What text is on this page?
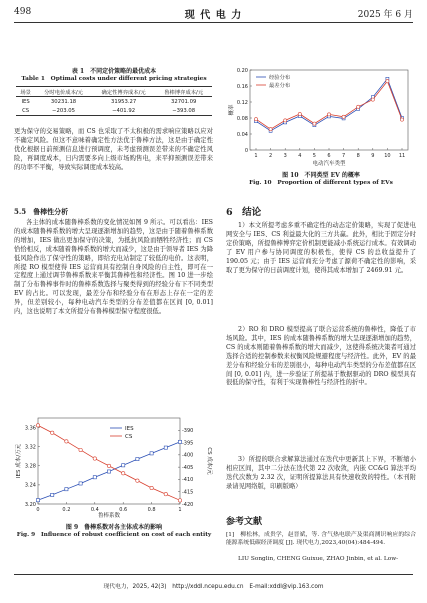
498	现 代 电 力	2025 年 6 月
表 1　不同定价策略的最优成本
Table 1　Optimal costs under different pricing strategies
场景	分时电价成本/元	确定性博弈成本/元	鲁棒博弈成本/元
IES	30231.18	31953.27	32701.09
CS	−203.05	−401.92	−393.08

更为保守的交易策略，而 CS 也采取了不太积极的需求响应策略以应对不确定风险。但这不意味着确定性方法优于鲁棒方法，这是由于确定性优化根据日前预测信息进行预调度，未考虑预测误差带来的不确定性风险，再调度成本，日内需要多向上级市场购售电，来平抑预测误差带来的功率不平衡，导致实际调度成本较高。

5.5　鲁棒性分析

各主体的成本随鲁棒系数的变化情况如图 9 所示。可以看出：IES 的成本随鲁棒系数的增大呈现逐渐增加的趋势，这是由于随着鲁棒系数的增加，IES 做出更加保守的决策，为抵抗风险而牺牲经济性；而 CS 恰恰相反，成本随着鲁棒系数的增大而减少，这是由于领导者 IES 为降低风险作出了保守性的策略，即给充电站制定了较低的电价。这表明，所提 RO 模型使得 IES 运营商具有控制自身风险的自主性，即可在一定程度上通过调节鲁棒系数来平衡其鲁棒性和经济性。图 10 进一步绘制了分布鲁棒事件时的鲁棒系数选择与聚类得到的经验分布下不同类型 EV 的占比。可以发现，最差分布和经验分布在形态上存在一定的差异，但差别较小，每种电动汽车类型的分布差值都在区间 [0, 0.01] 内，这也说明了本文所提分布鲁棒模型保守程度很低。

3.20
3.24
3.28
3.32
3.36	-390
-395
-400
-405
-410
-415
-420
0	0.2	0.4	0.6	0.8	1
IES
CS
鲁棒系数
IES 成本/万元	CS 成本/元
图 9　鲁棒系数对各主体成本的影响
Fig. 9　Influence of robust coefficient on cost of each entity
0
0.04
0.08
0.12
0.16
0.20
1 2 3 4 5 6 7 8 9 10 11
经验分布
最差分布
电动汽车类型
概率
图 10　不同类型 EV 的概率
Fig. 10　Proportion of different types of EVs
6　结论

1）本文所提考虑多重不确定性的动态定价策略，实现了促进电网安全与 IES、CS 利益最大化的三方共赢。此外，相比于固定分时定价策略，所提鲁棒博弈定价机制更能减小系统运行成本。有效调动了 EV 用户参与协同调度的积极性，使得 CS 的总收益提升了 190.05 元；由于 IES 运营商充分考虑了源荷不确定性的影响，采取了更为保守的日前调度计划，使得其成本增加了 2469.91 元。

2）RO 和 DRO 模型提高了联合运营系统的鲁棒性，降低了市场风险。其中，IES 的成本随鲁棒系数的增大呈现逐渐增加的趋势，CS 的成本则随着鲁棒系数的增大而减少，这使得系统决策者可通过选择合适的控制参数来权衡风险规避程度与经济性。此外，EV 的最差分布和经验分布的差别很小，每种电动汽车类型的分布差值都在区间 [0, 0.01] 内，进一步验证了所提基于数据驱动的 DRO 模型具有很低的保守性，有利于实现鲁棒性与经济性的折中。

3）所提的联合求解算法通过在迭代中更新其上下界，不断缩小相应区间，其中二分法在迭代第 22 次收敛，内嵌 CC&G 算法平均迭代次数为 2.32 次，证明所提算法具有快速收敛的特性。（本刊附录请见网络版，印刷版略）

参考文献
[1]　柳松林，成贵学，赵晋斌，等. 含气热电联产及渠商测识响应的综合能源系统低碳经济调度 [J]. 现代电力,2023,40(04):484-494.
LIU Songlin, CHENG Guixue, ZHAO Jinbin, et al. Low-
现代电力，2025, 42(3)　http://xddl.ncepu.edu.cn　E-mail:xddl@vip.163.com
